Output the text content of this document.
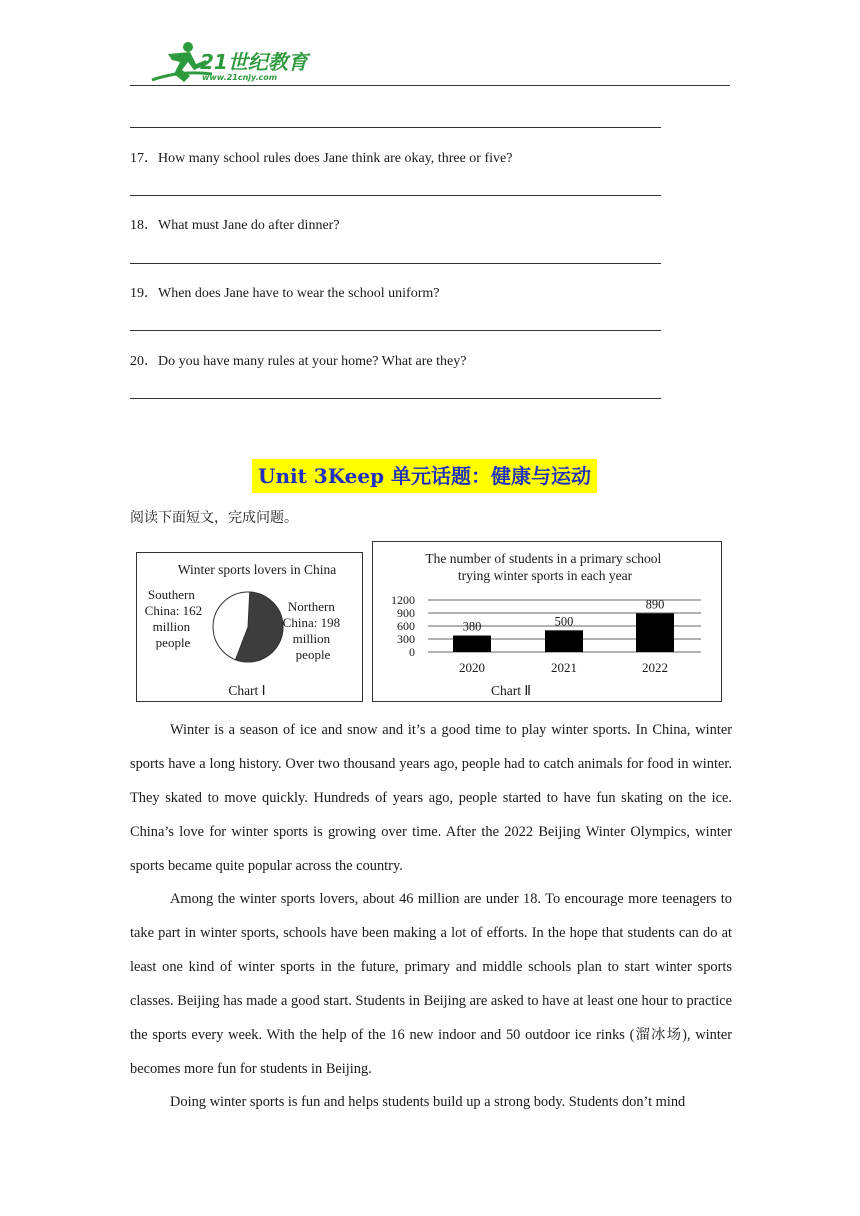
21世纪教育
www.21cnjy.com
17．How many school rules does Jane think are okay, three or five?
18．What must Jane do after dinner?
19．When does Jane have to wear the school uniform?
20．Do you have many rules at your home? What are they?
Unit 3Keep 单元话题：健康与运动
阅读下面短文，完成问题。
Winter sports lovers in China
Southern China: 162 million people
Northern China: 198 million people
Chart Ⅰ
The number of students in a primary school trying winter sports in each year
1200
900
600
300
0
380	500
890
2020	2021	2022
Chart Ⅱ

Winter is a season of ice and snow and it’s a good time to play winter sports. In China, winter sports have a long history. Over two thousand years ago, people had to catch animals for food in winter. They skated to move quickly. Hundreds of years ago, people started to have fun skating on the ice. China’s love for winter sports is growing over time. After the 2022 Beijing Winter Olympics, winter sports became quite popular across the country.

Among the winter sports lovers, about 46 million are under 18. To encourage more teenagers to take part in winter sports, schools have been making a lot of efforts. In the hope that students can do at least one kind of winter sports in the future, primary and middle schools plan to start winter sports classes. Beijing has made a good start. Students in Beijing are asked to have at least one hour to practice the sports every week. With the help of the 16 new indoor and 50 outdoor ice rinks (溜冰场), winter becomes more fun for students in Beijing.

Doing winter sports is fun and helps students build up a strong body. Students don’t mind
